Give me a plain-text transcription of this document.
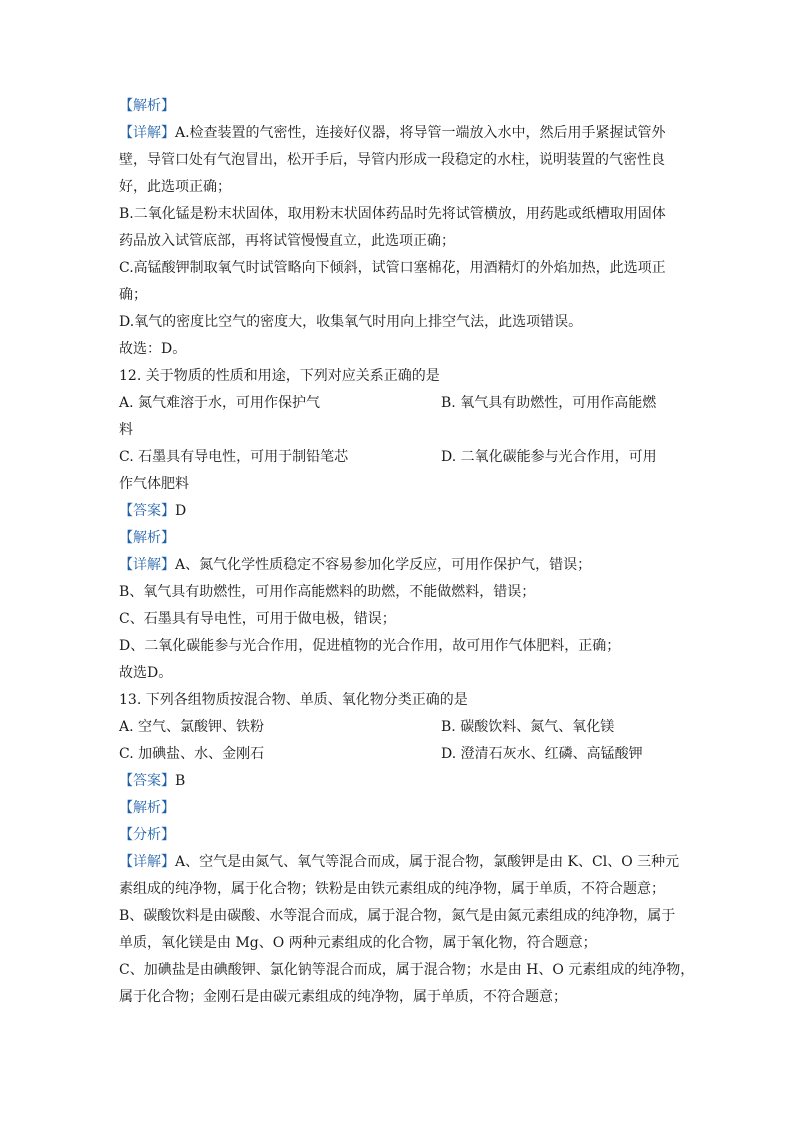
【解析】
【详解】A.检查装置的气密性，连接好仪器，将导管一端放入水中，然后用手紧握试管外
壁，导管口处有气泡冒出，松开手后，导管内形成一段稳定的水柱，说明装置的气密性良
好，此选项正确；
B.二氧化锰是粉末状固体，取用粉末状固体药品时先将试管横放，用药匙或纸槽取用固体
药品放入试管底部，再将试管慢慢直立，此选项正确；
C.高锰酸钾制取氧气时试管略向下倾斜，试管口塞棉花，用酒精灯的外焰加热，此选项正
确；
D.氧气的密度比空气的密度大，收集氧气时用向上排空气法，此选项错误。
故选：D。
12. 关于物质的性质和用途，下列对应关系正确的是
A. 氮气难溶于水，可用作保护气	B. 氧气具有助燃性，可用作高能燃
料
C. 石墨具有导电性，可用于制铅笔芯	D. 二氧化碳能参与光合作用，可用
作气体肥料
【答案】D
【解析】
【详解】A、氮气化学性质稳定不容易参加化学反应，可用作保护气，错误；
B、氧气具有助燃性，可用作高能燃料的助燃，不能做燃料，错误；
C、石墨具有导电性，可用于做电极，错误；
D、二氧化碳能参与光合作用，促进植物的光合作用，故可用作气体肥料，正确；
故选D。
13. 下列各组物质按混合物、单质、氧化物分类正确的是
A. 空气、氯酸钾、铁粉	B. 碳酸饮料、氮气、氧化镁
C. 加碘盐、水、金刚石	D. 澄清石灰水、红磷、高锰酸钾
【答案】B
【解析】
【分析】
【详解】A、空气是由氮气、氧气等混合而成，属于混合物，氯酸钾是由 K、Cl、O 三种元
素组成的纯净物，属于化合物；铁粉是由铁元素组成的纯净物，属于单质，不符合题意；
B、碳酸饮料是由碳酸、水等混合而成，属于混合物，氮气是由氮元素组成的纯净物，属于
单质，氧化镁是由 Mg、O 两种元素组成的化合物，属于氧化物，符合题意；
C、加碘盐是由碘酸钾、氯化钠等混合而成，属于混合物；水是由 H、O 元素组成的纯净物，
属于化合物；金刚石是由碳元素组成的纯净物，属于单质，不符合题意；
